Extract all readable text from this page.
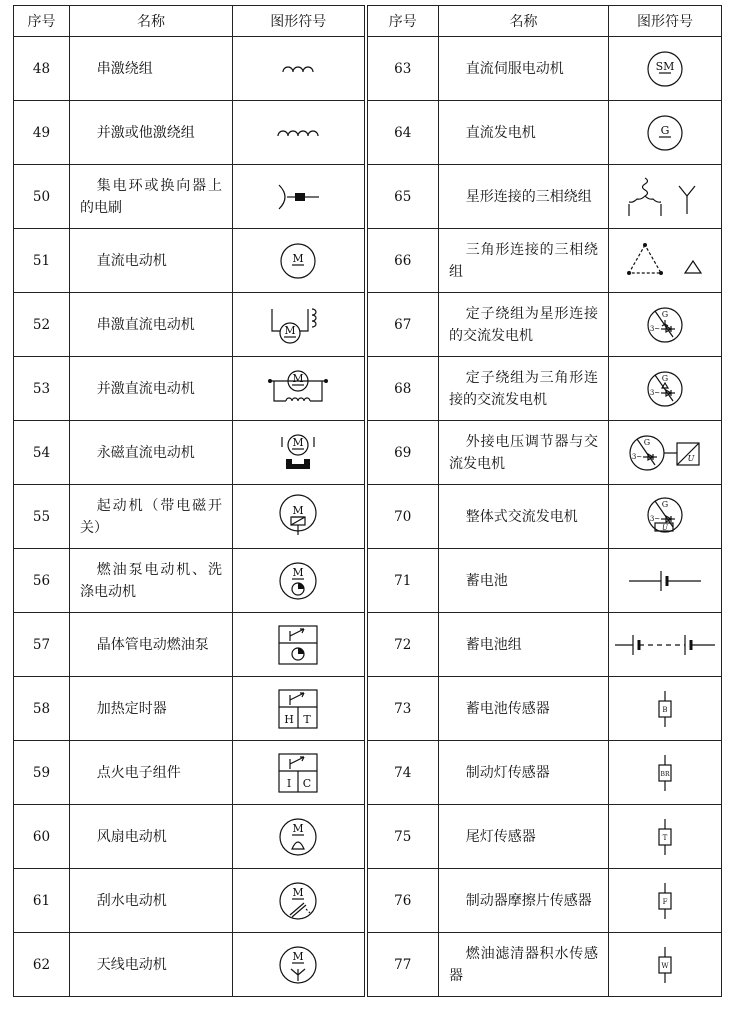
序号	名称	图形符号	序号	名称	图形符号
48	串激绕组		63	直流伺服电动机	SM

49	并激或他激绕组		64	直流发电机	G

50	集电环或换向器上的电刷		65	星形连接的三相绕组

51	直流电动机	M	66	三角形连接的三相绕组

52	串激直流电动机	M	67	定子绕组为星形连接的交流发电机	G
3~

53	并激直流电动机	M	68	定子绕组为三角形连接的交流发电机	G
3~

54	永磁直流电动机	M	69	外接电压调节器与交流发电机	G
3~ U

55	起动机（带电磁开关）	M	70	整体式交流发电机	G
3~
U

56	燃油泵电动机、洗涤电动机	M	71	蓄电池

57	晶体管电动燃油泵		72	蓄电池组

58	加热定时器	H T	73	蓄电池传感器	B

59	点火电子组件	I C	74	制动灯传感器	BR

60	风扇电动机	M	75	尾灯传感器	T

61	刮水电动机	M	76	制动器摩擦片传感器	F

62	天线电动机	M	77	燃油滤清器积水传感器	W
